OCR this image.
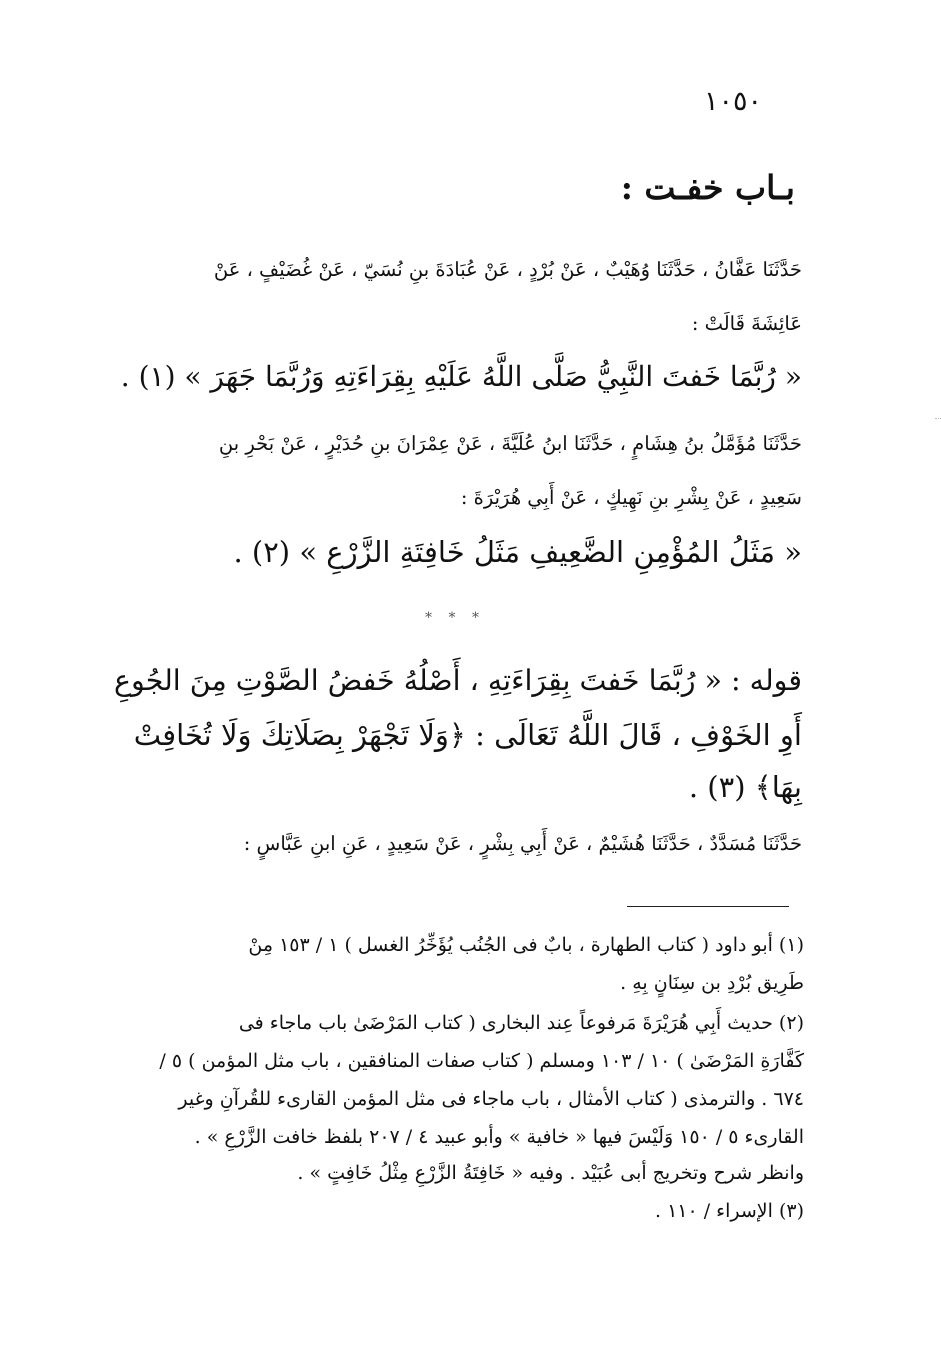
١٠٥٠
بـاب خفـت :
حَدَّثَنَا عَفَّانُ ، حَدَّثَنَا وُهَيْبٌ ، عَنْ بُرْدٍ ، عَنْ عُبَادَةَ بنِ نُسَيّ ، عَنْ غُضَيْفٍ ، عَنْ
عَائِشَةَ قَالَتْ :
« رُبَّمَا خَفتَ النَّبِيُّ صَلَّى اللَّهُ عَلَيْهِ بِقِرَاءَتِهِ وَرُبَّمَا جَهَرَ » (١) .
حَدَّثَنَا مُؤَمَّلُ بنُ هِشَامٍ ، حَدَّثَنَا ابنُ عُلَيَّةَ ، عَنْ عِمْرَانَ بنِ حُدَيْرٍ ، عَنْ بَحْرِ بنِ
سَعِيدٍ ، عَنْ بِشْرِ بنِ نَهِيكٍ ، عَنْ أَبِي هُرَيْرَةَ :
« مَثَلُ المُؤْمِنِ الضَّعِيفِ مَثَلُ خَافِتَةِ الزَّرْعِ » (٢) .
* * *
قوله : « رُبَّمَا خَفتَ بِقِرَاءَتِهِ ، أَصْلُهُ خَفضُ الصَّوْتِ مِنَ الجُوعِ
أَوِ الخَوْفِ ، قَالَ اللَّهُ تَعَالَى : ﴿وَلَا تَجْهَرْ بِصَلَاتِكَ وَلَا تُخَافِتْ
بِهَا﴾ (٣) .
حَدَّثَنَا مُسَدَّدٌ ، حَدَّثَنَا هُشَيْمٌ ، عَنْ أَبِي بِشْرٍ ، عَنْ سَعِيدٍ ، عَنِ ابنِ عَبَّاسٍ :
(١) أبو داود ( كتاب الطهارة ، بابٌ فى الجُنُب يُؤَخِّرُ الغسل ) ١ / ١٥٣ مِنْ
طَرِيق بُرْدِ بن سِنَانٍ بِهِ .
(٢) حديث أَبِي هُرَيْرَةَ مَرفوعاً عِند البخارى ( كتاب المَرْضَىٰ باب ماجاء فى
كَفَّارَةِ المَرْضَىٰ ) ١٠ / ١٠٣ ومسلم ( كتاب صفات المنافقين ، باب مثل المؤمن ) ٥ /
٦٧٤ . والترمذى ( كتاب الأمثال ، باب ماجاء فى مثل المؤمن القارىء للقُرآنِ وغير
القارىء ٥ / ١٥٠ وَلَيْسَ فيها « خافية » وأبو عبيد ٤ / ٢٠٧ بلفظ خافت الزَّرْعِ » .
وانظر شرح وتخريج أبى عُبَيْد . وفيه « خَافِتَةُ الزَّرْعِ مِثْلُ خَافِتٍ » .
(٣) الإسراء / ١١٠ .
